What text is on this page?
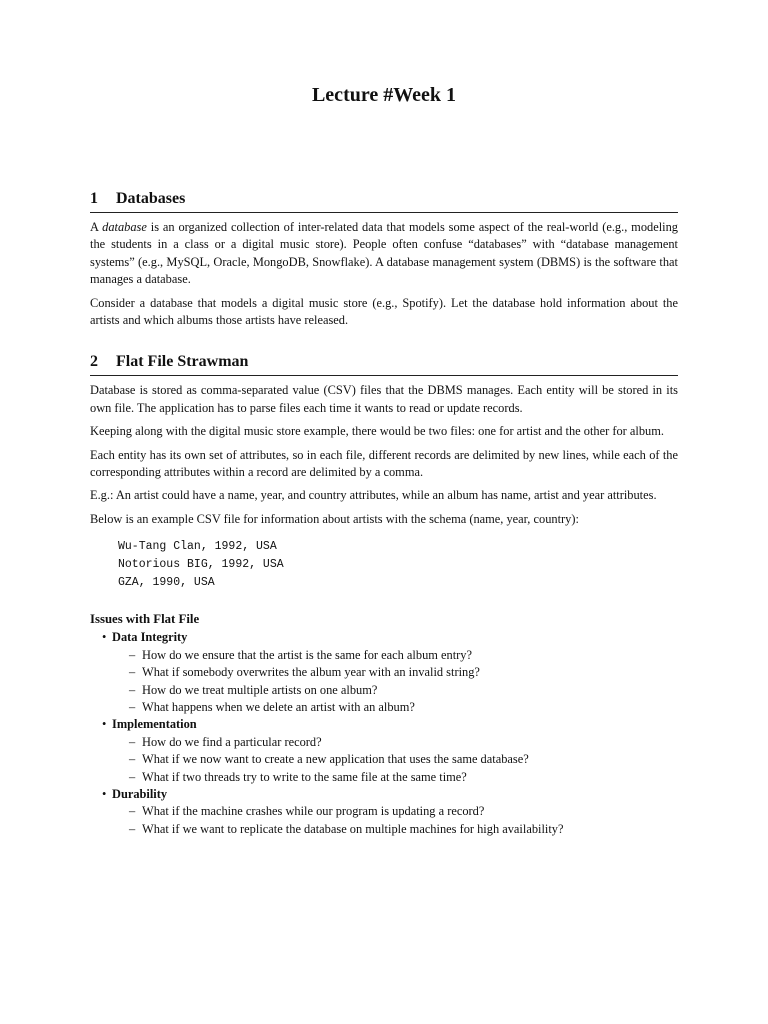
Lecture #Week 1
1 Databases

A database is an organized collection of inter-related data that models some aspect of the real-world (e.g., modeling the students in a class or a digital music store). People often confuse “databases” with “database management systems” (e.g., MySQL, Oracle, MongoDB, Snowflake). A database management system (DBMS) is the software that manages a database.

Consider a database that models a digital music store (e.g., Spotify). Let the database hold information about the artists and which albums those artists have released.

2 Flat File Strawman

Database is stored as comma-separated value (CSV) files that the DBMS manages. Each entity will be stored in its own file. The application has to parse files each time it wants to read or update records.

Keeping along with the digital music store example, there would be two files: one for artist and the other for album.

Each entity has its own set of attributes, so in each file, different records are delimited by new lines, while each of the corresponding attributes within a record are delimited by a comma.

E.g.: An artist could have a name, year, and country attributes, while an album has name, artist and year attributes.

Below is an example CSV file for information about artists with the schema (name, year, country):

Wu-Tang Clan, 1992, USA
Notorious BIG, 1992, USA
GZA, 1990, USA
Issues with Flat File
• Data Integrity
– How do we ensure that the artist is the same for each album entry?
– What if somebody overwrites the album year with an invalid string?
– How do we treat multiple artists on one album?
– What happens when we delete an artist with an album?
• Implementation
– How do we find a particular record?
– What if we now want to create a new application that uses the same database?
– What if two threads try to write to the same file at the same time?
• Durability
– What if the machine crashes while our program is updating a record?
– What if we want to replicate the database on multiple machines for high availability?
